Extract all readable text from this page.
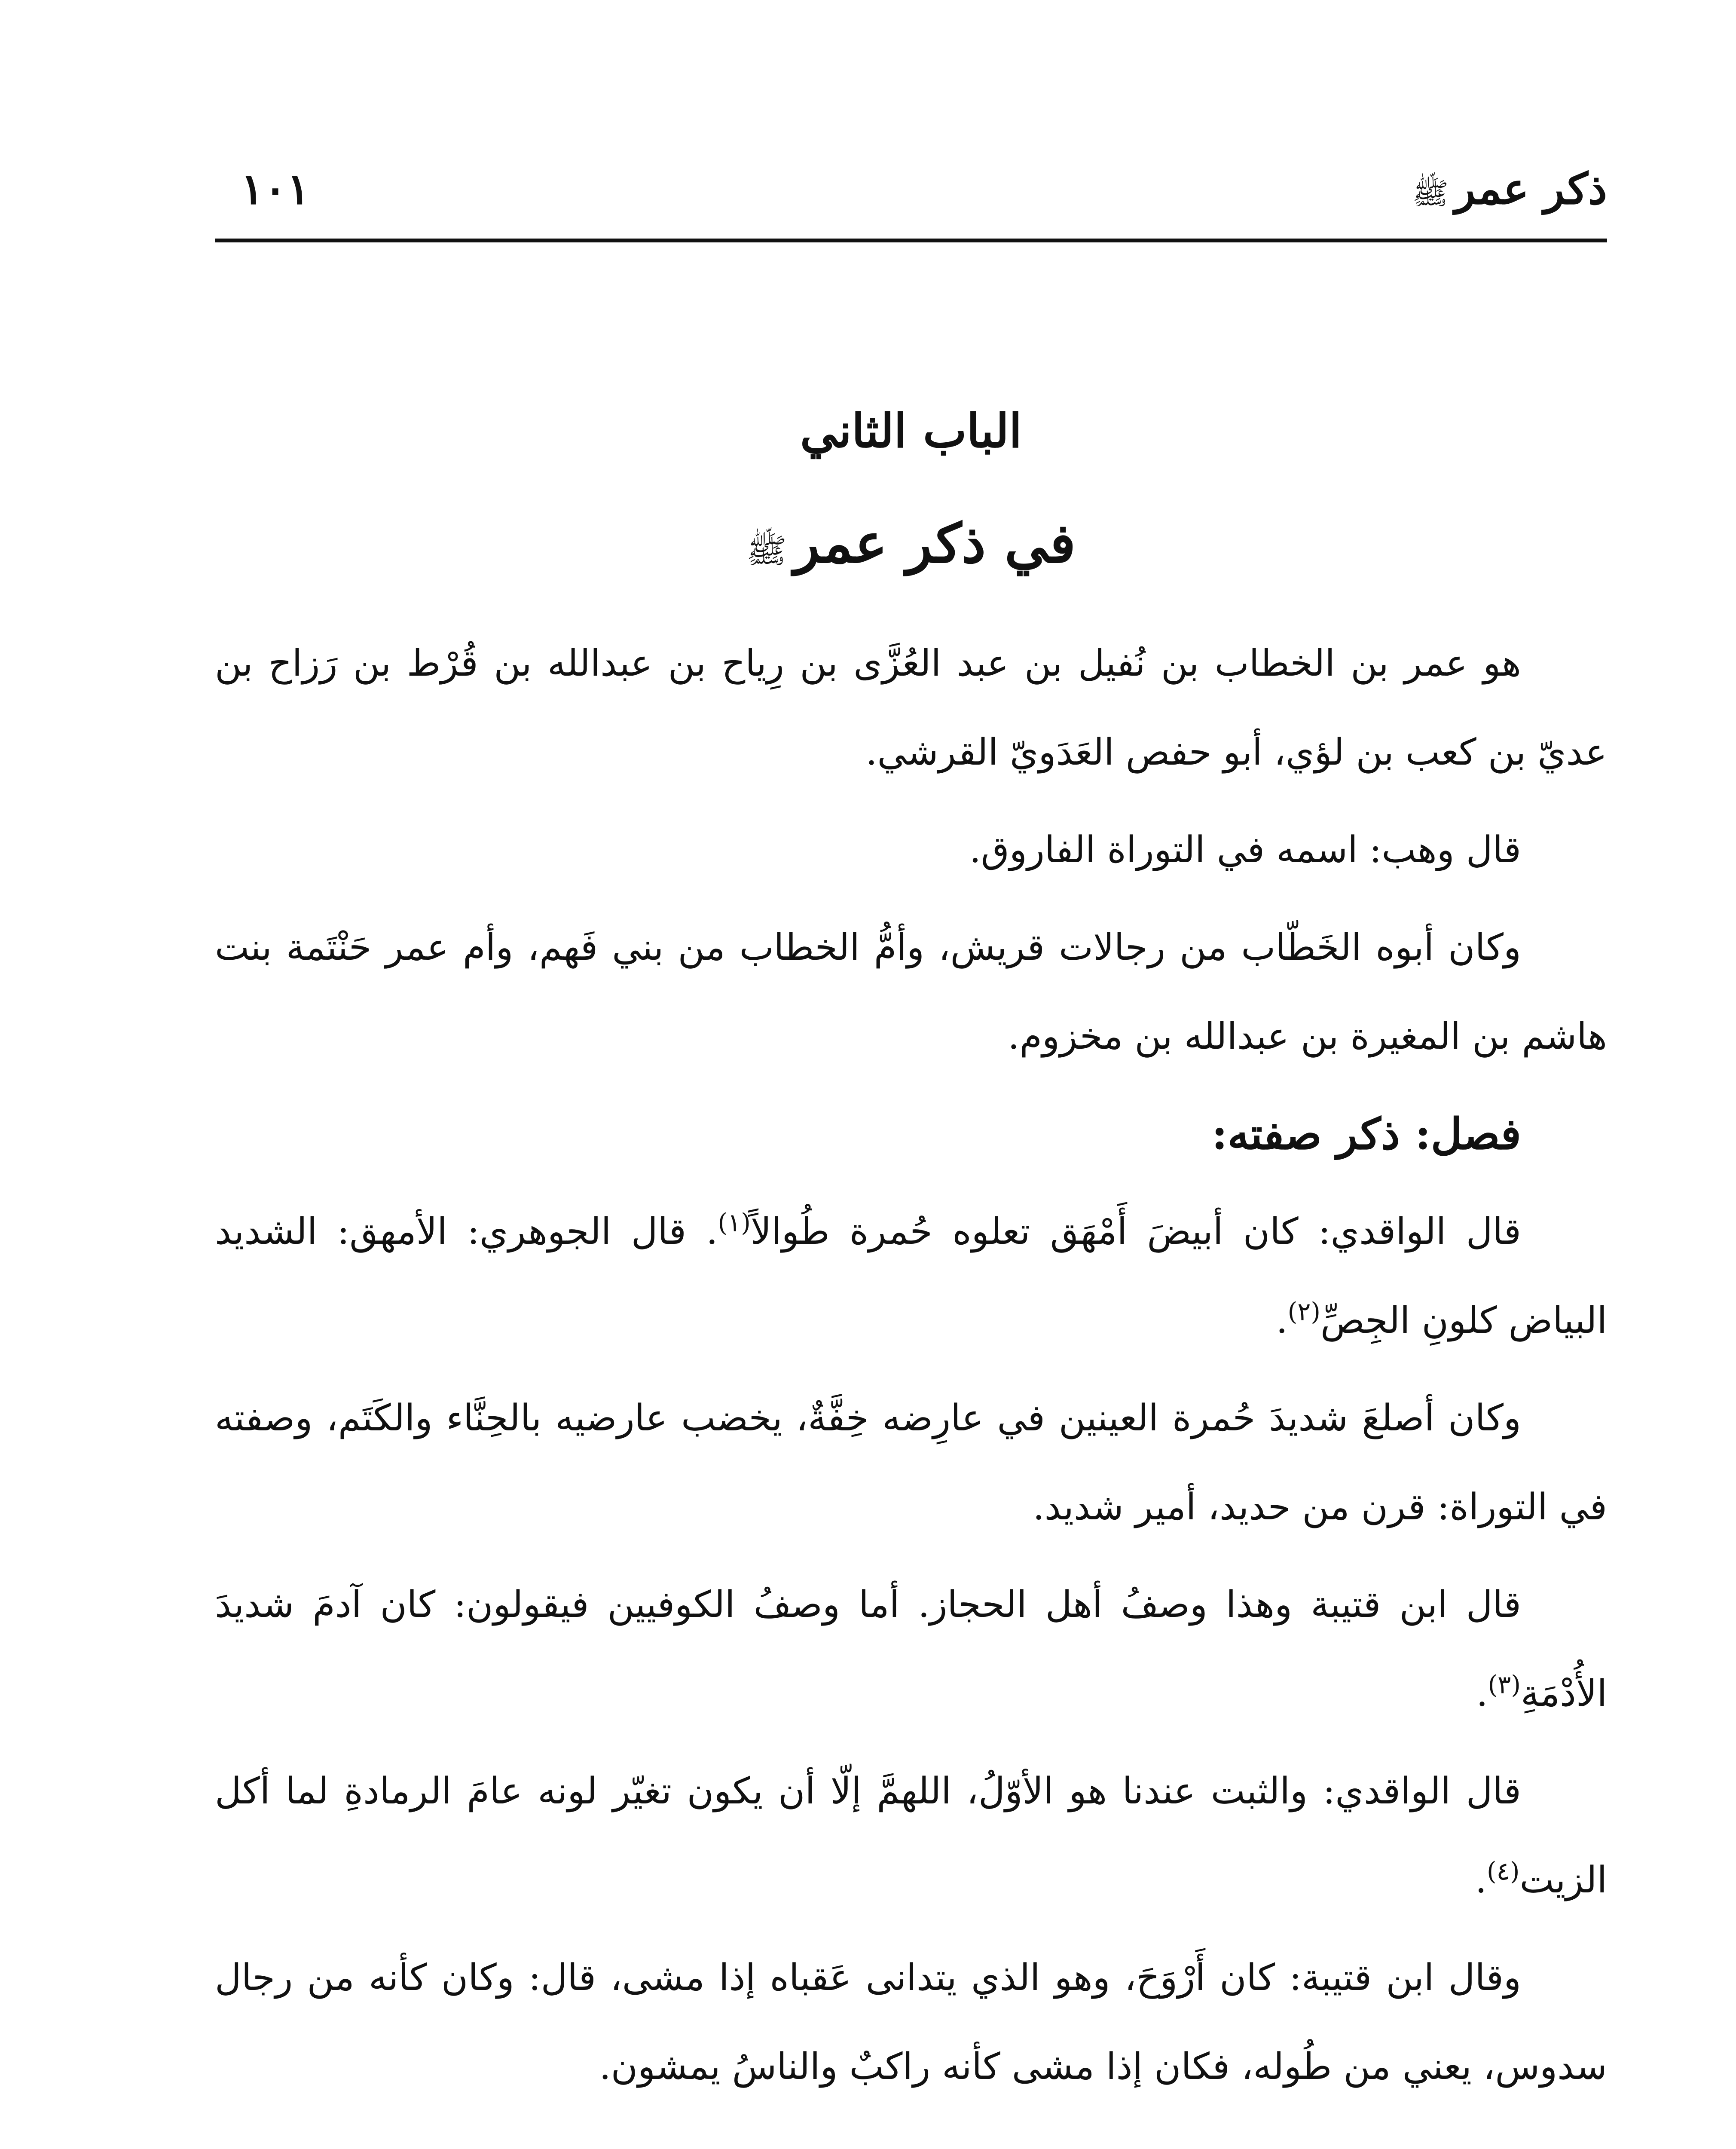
ذكر عمرﷺ
١٠١
الباب الثاني
في ذكر عمرﷺ

هو عمر بن الخطاب بن نُفيل بن عبد العُزَّى بن رِياح بن عبدالله بن قُرْط بن رَزاح بن عديّ بن كعب بن لؤي، أبو حفص العَدَويّ القرشي.

قال وهب: اسمه في التوراة الفاروق.

وكان أبوه الخَطّاب من رجالات قريش، وأمُّ الخطاب من بني فَهم، وأم عمر حَنْتَمة بنت هاشم بن المغيرة بن عبدالله بن مخزوم.

فصل: ذكر صفته:

قال الواقدي: كان أبيضَ أَمْهَق تعلوه حُمرة طُوالاً$^{(١)}$. قال الجوهري: الأمهق: الشديد البياض كلونِ الجِصِّ$^{(٢)}$.

وكان أصلعَ شديدَ حُمرة العينين في عارِضه خِفَّةٌ، يخضب عارضيه بالحِنَّاء والكَتَم، وصفته في التوراة: قرن من حديد، أمير شديد.

قال ابن قتيبة وهذا وصفُ أهل الحجاز. أما وصفُ الكوفيين فيقولون: كان آدمَ شديدَ الأُدْمَةِ$^{(٣)}$.

قال الواقدي: والثبت عندنا هو الأوّلُ، اللهمَّ إلّا أن يكون تغيّر لونه عامَ الرمادةِ لما أكل الزيت$^{(٤)}$.

وقال ابن قتيبة: كان أَرْوَحَ، وهو الذي يتدانى عَقباه إذا مشى، قال: وكان كأنه من رجال سدوس، يعني من طُوله، فكان إذا مشى كأنه راكبٌ والناسُ يمشون.
